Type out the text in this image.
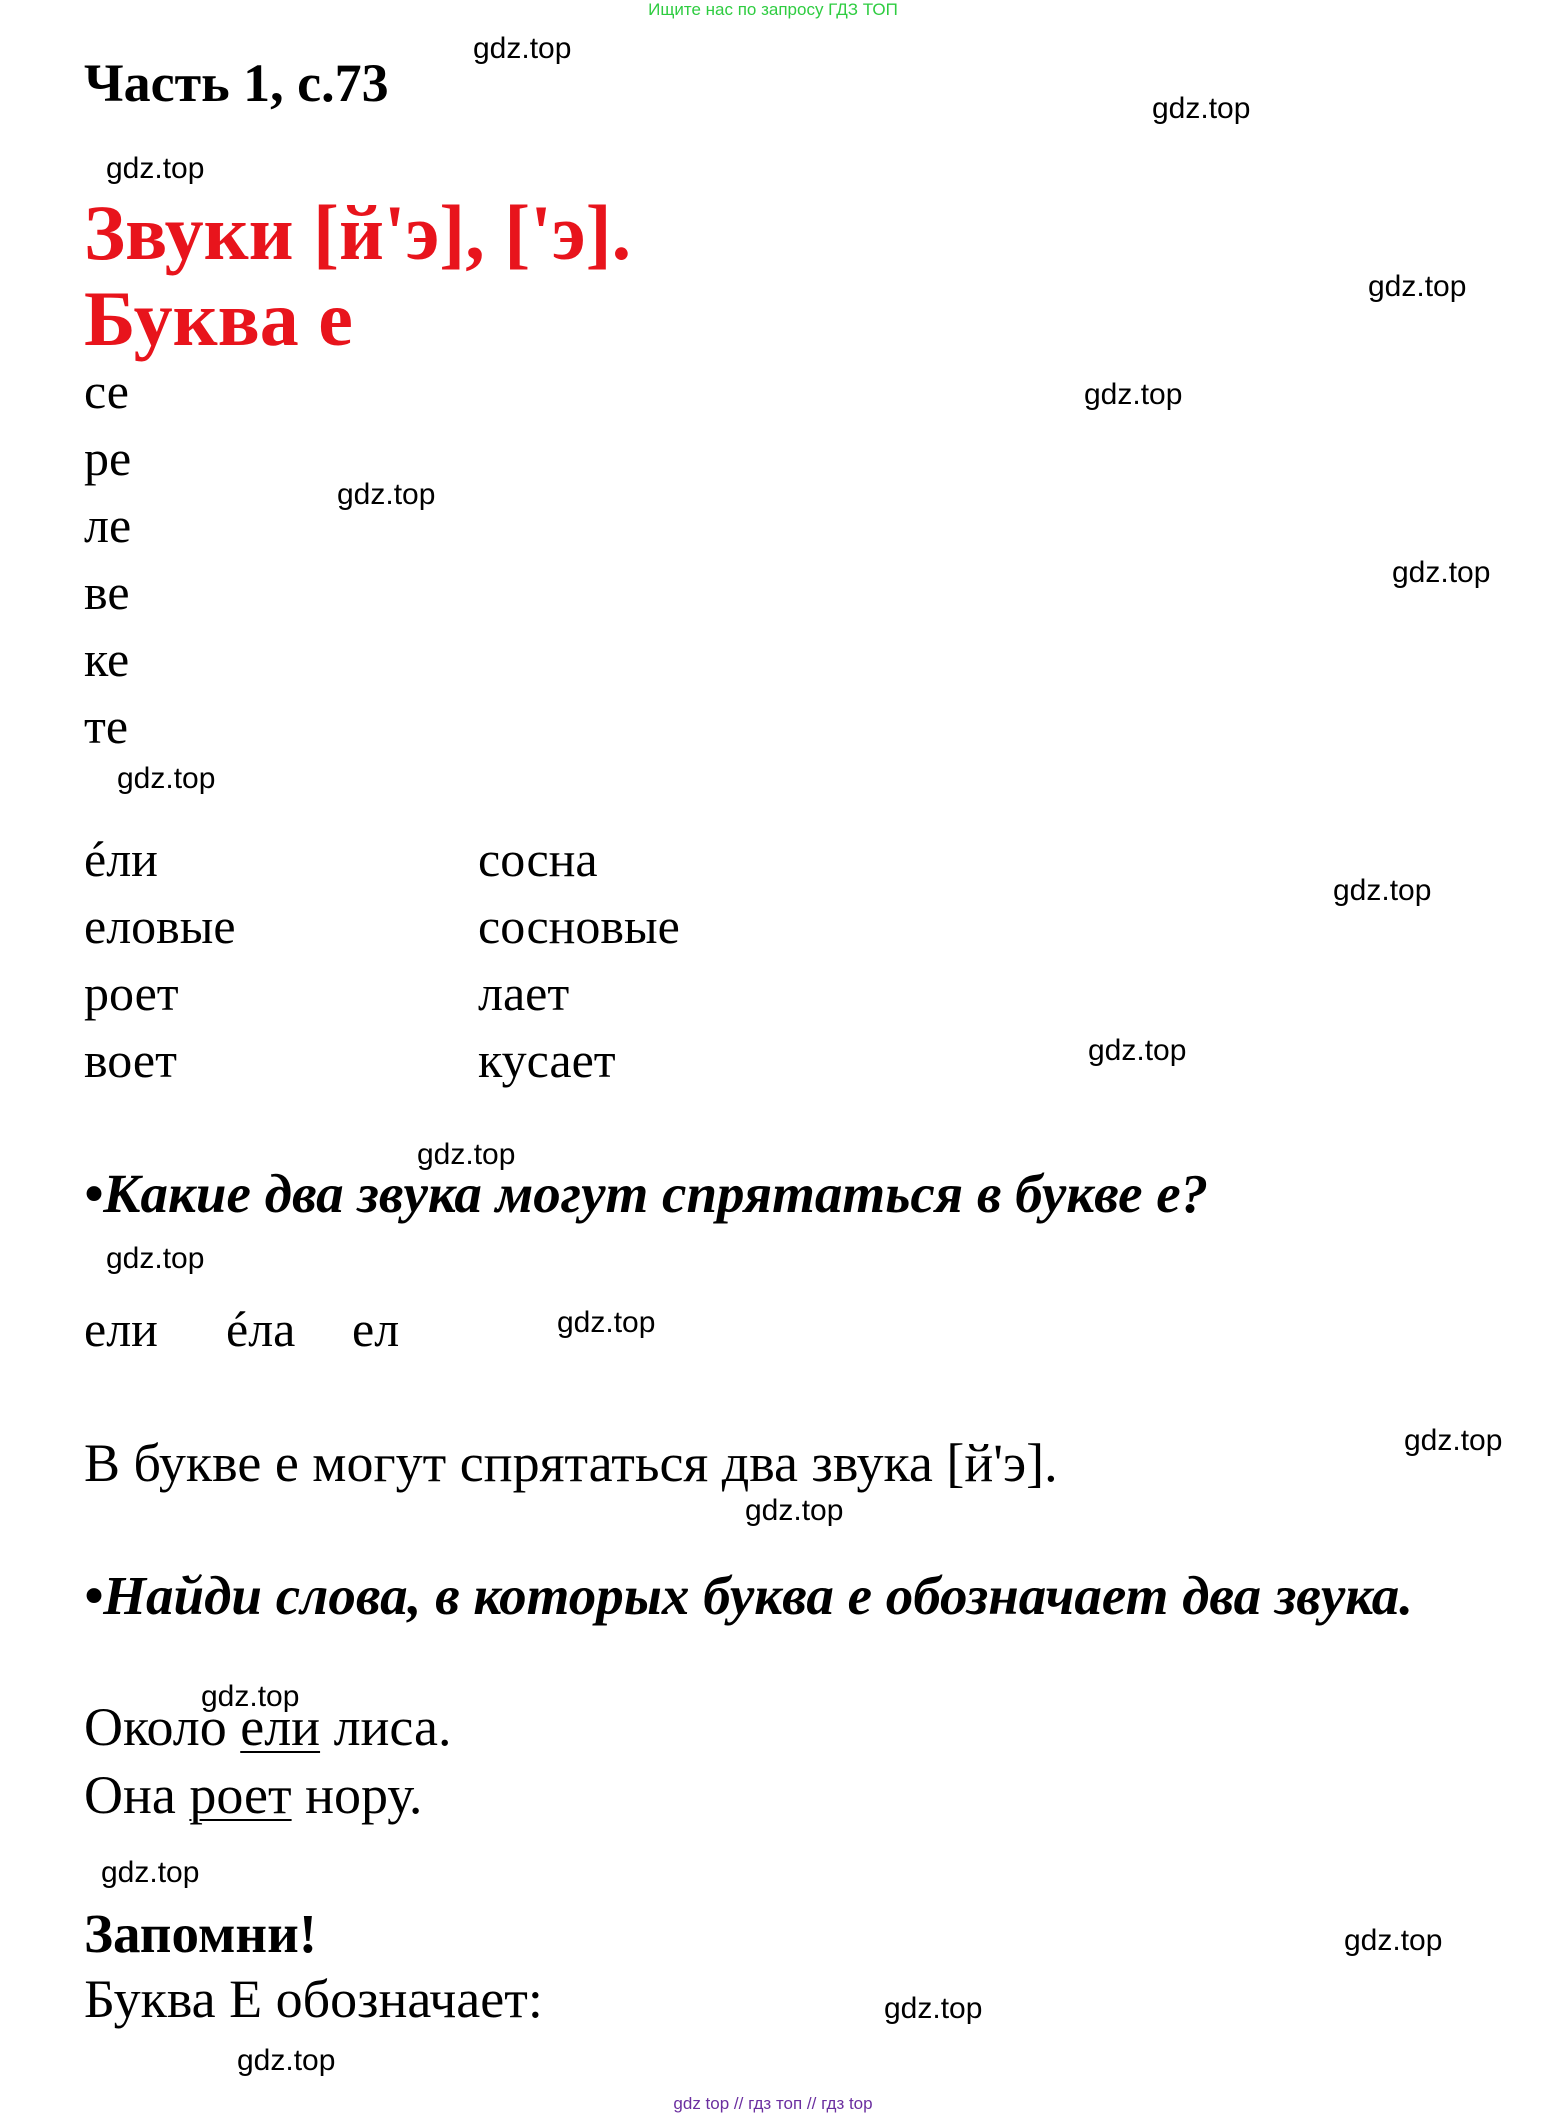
Ищите нас по запросу ГДЗ ТОП
gdz top // гдз топ // гдз top
Часть 1, с.73
Звуки [й'э], ['э].
Буква е
се
ре
ле
ве
ке
те
éли
еловые
роет
воет
сосна
сосновые
лает
кусает
•Какие два звука могут спрятаться в букве е?
ели éла ел
В букве е могут спрятаться два звука [й'э].
•Найди слова, в которых буква е обозначает два звука.
Около ели лиса.
Она роет нору.
Запомни!
Буква Е обозначает:
gdz.top
gdz.top
gdz.top
gdz.top
gdz.top
gdz.top
gdz.top
gdz.top
gdz.top
gdz.top
gdz.top
gdz.top
gdz.top
gdz.top
gdz.top
gdz.top
gdz.top
gdz.top
gdz.top
gdz.top
